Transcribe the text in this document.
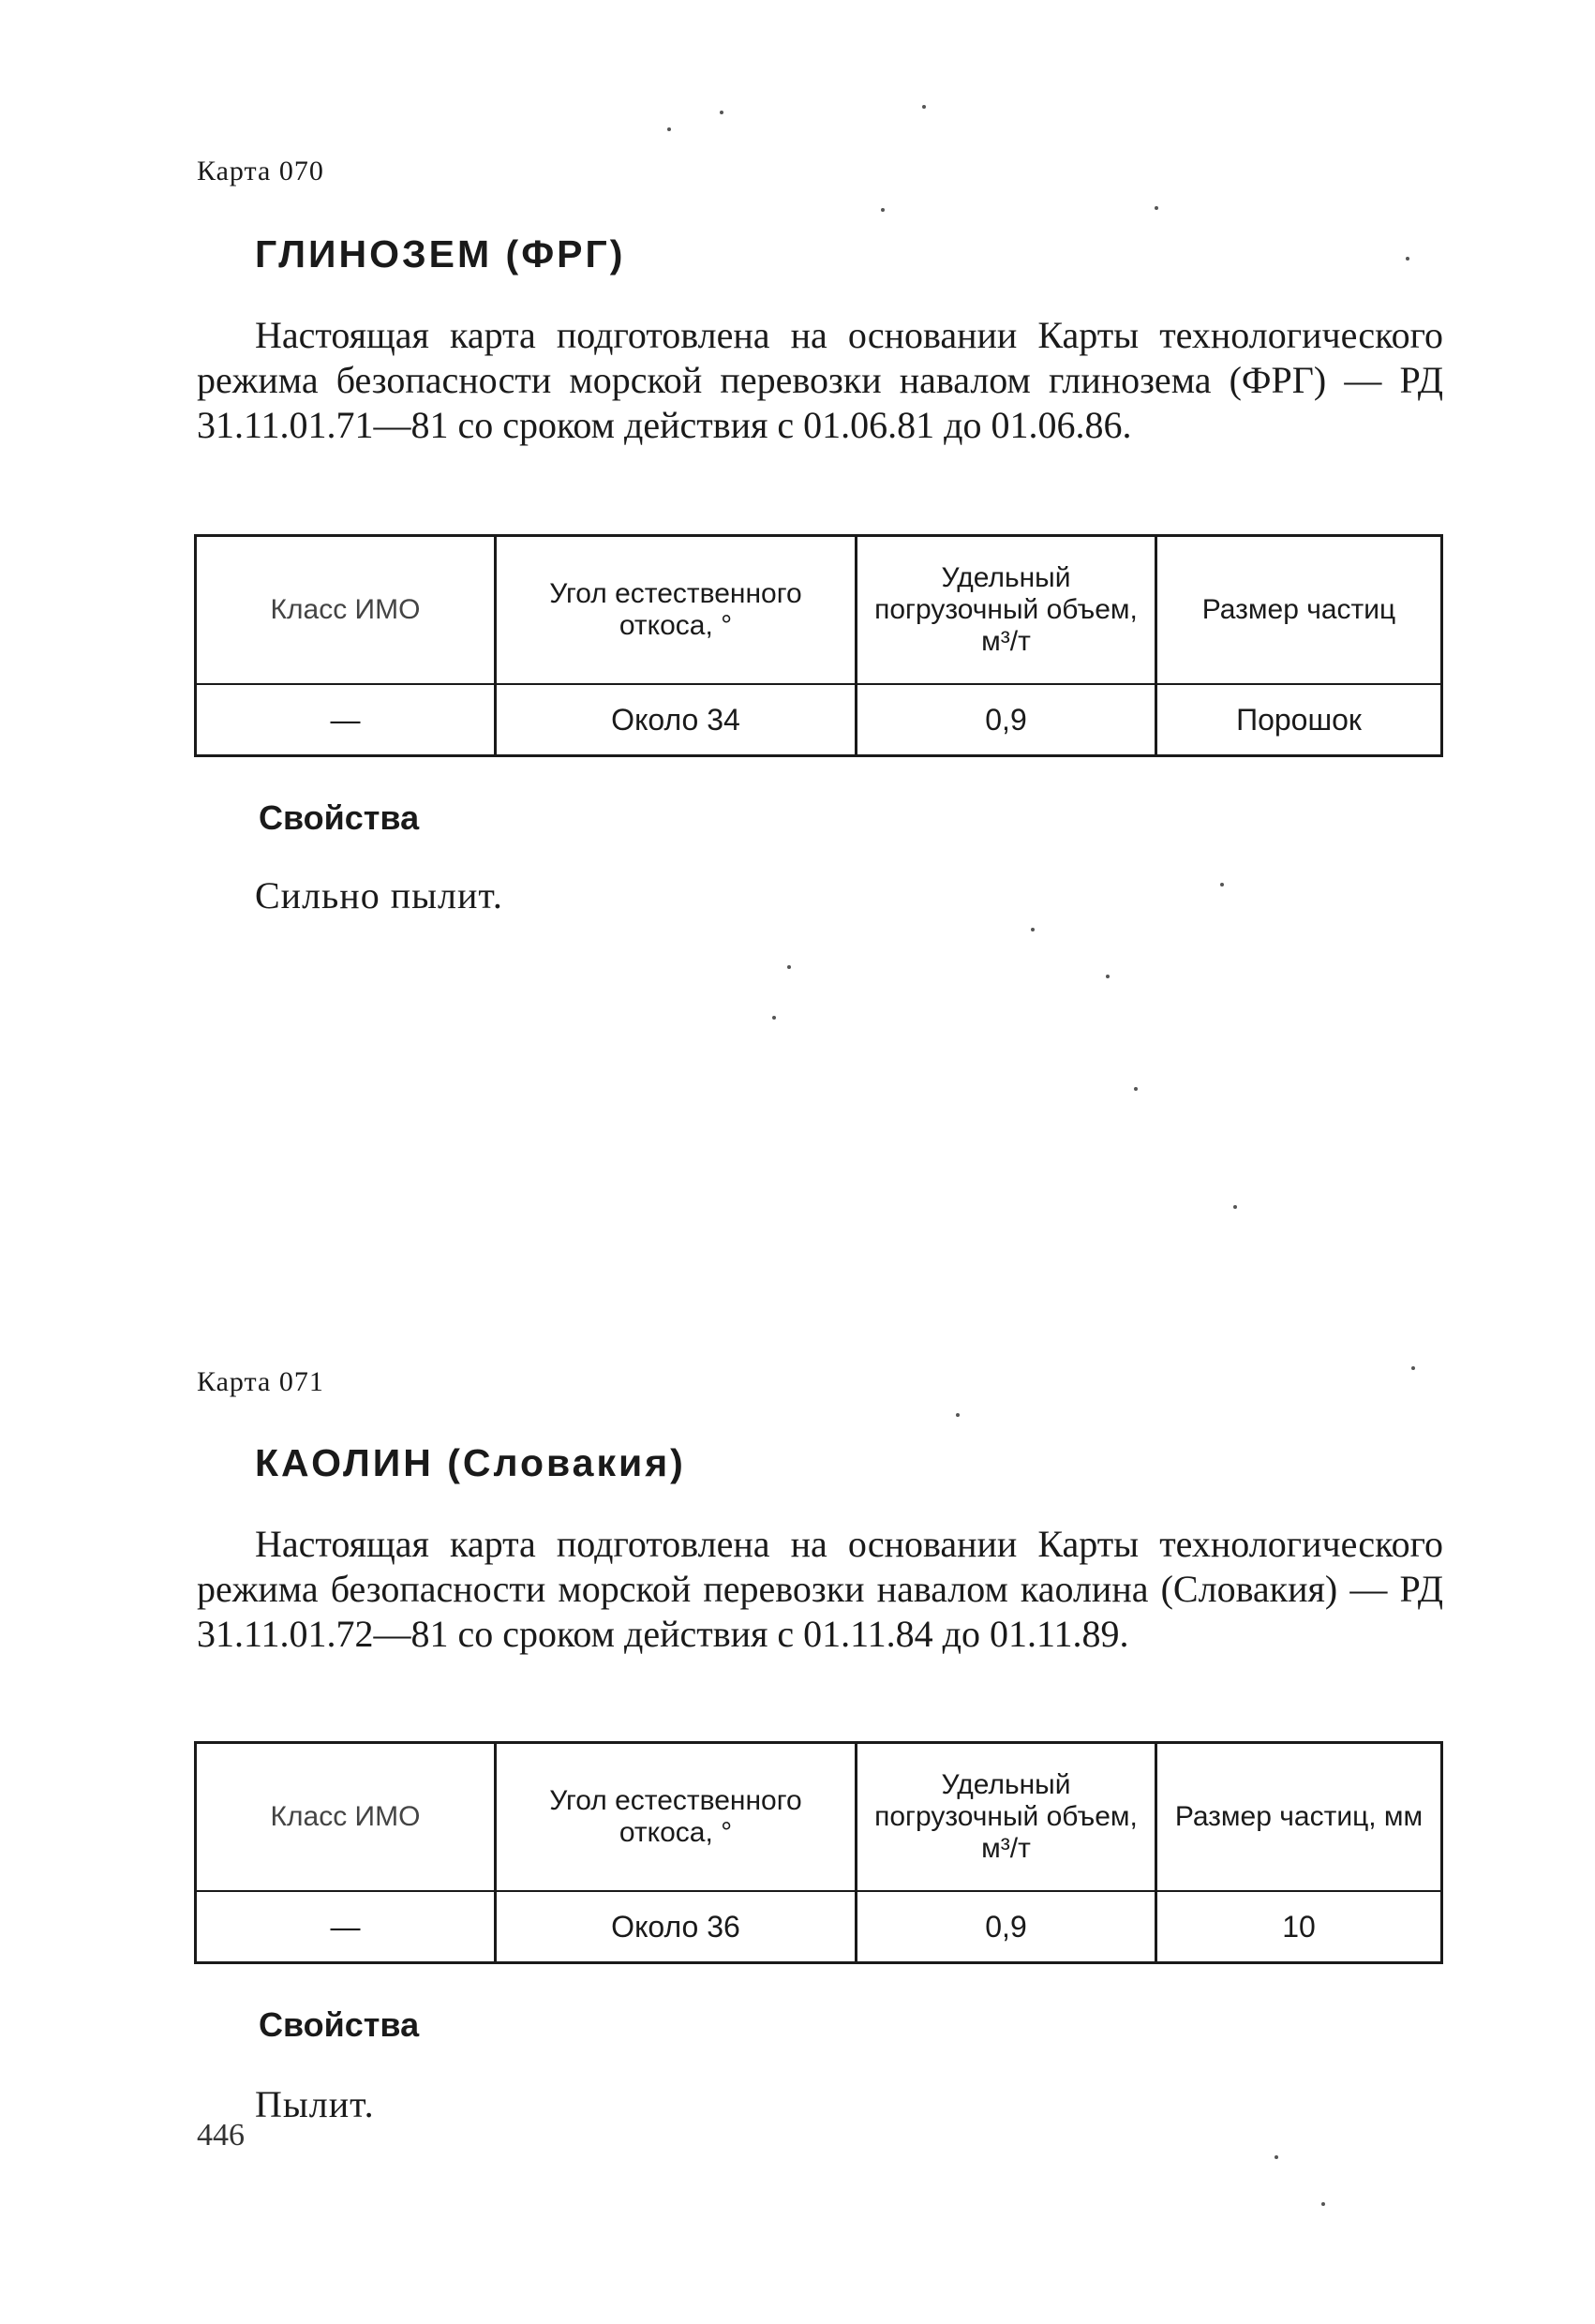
Карта 070
ГЛИНОЗЕМ (ФРГ)

Настоящая карта подготовлена на основании Карты технологического режима безопасности морской перевозки навалом глинозема (ФРГ) — РД 31.11.01.71—81 со сроком действия с 01.06.81 до 01.06.86.

Класс ИМО	Угол естественного откоса, °	Удельный погрузочный объем, м³/т	Размер частиц
—	Около 34	0,9	Порошок
Свойства
Сильно пылит.
Карта 071
КАОЛИН (Словакия)

Настоящая карта подготовлена на основании Карты технологического режима безопасности морской перевозки навалом каолина (Словакия) — РД 31.11.01.72—81 со сроком действия с 01.11.84 до 01.11.89.

Класс ИМО	Угол естественного откоса, °	Удельный погрузочный объем, м³/т	Размер частиц, мм
—	Около 36	0,9	10
Свойства
Пылит.
446
